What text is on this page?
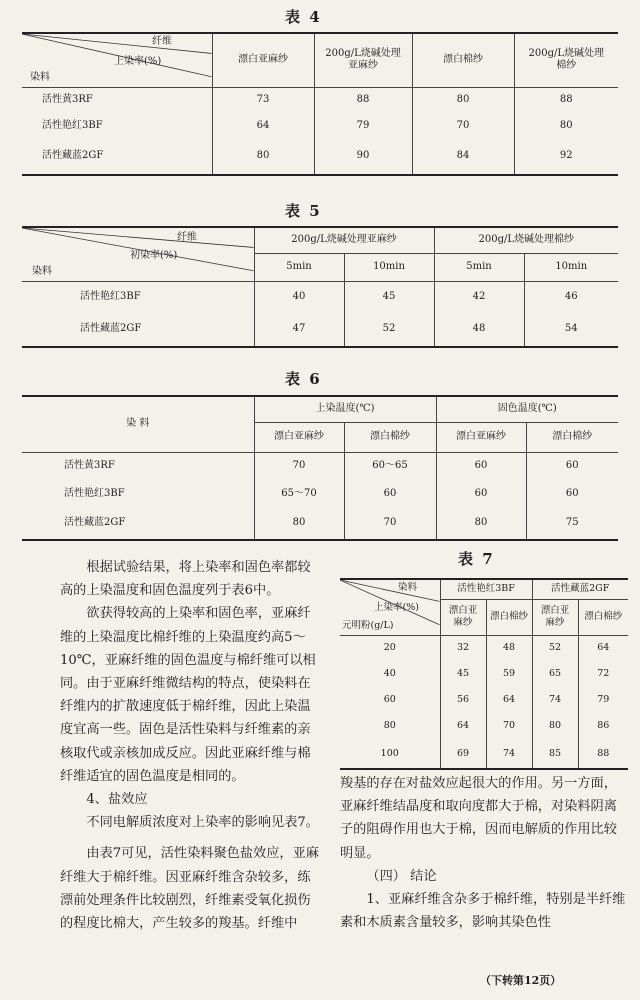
表 4
纤维
上染率(%)
染料	漂白亚麻纱	200g/L烧碱处理亚麻纱	漂白棉纱	200g/L烧碱处理棉纱
活性黄3RF	73	88	80	88
活性艳红3BF	64	79	70	80
活性藏蓝2GF	80	90	84	92
表 5
纤维
初染率(%)
染料	200g/L烧碱处理亚麻纱		200g/L烧碱处理棉纱	
	5min	10min	5min	10min
活性艳红3BF	40	45	42	46
活性藏蓝2GF	47	52	48	54
表 6
染 料	上染温度(℃)		固色温度(℃)	
	漂白亚麻纱	漂白棉纱	漂白亚麻纱	漂白棉纱
活性黄3RF	70	60～65	60	60
活性艳红3BF	65～70	60	60	60
活性藏蓝2GF	80	70	80	75

根据试验结果，将上染率和固色率都较高的上染温度和固色温度列于表6中。

欲获得较高的上染率和固色率，亚麻纤维的上染温度比棉纤维的上染温度约高5～10℃，亚麻纤维的固色温度与棉纤维可以相同。由于亚麻纤维微结构的特点，使染料在纤维内的扩散速度低于棉纤维，因此上染温度宜高一些。固色是活性染料与纤维素的亲核取代或亲核加成反应。因此亚麻纤维与棉纤维适宜的固色温度是相同的。

4、盐效应

不同电解质浓度对上染率的影响见表7。

由表7可见，活性染料聚色盐效应，亚麻纤维大于棉纤维。因亚麻纤维含杂较多，练漂前处理条件比较剧烈，纤维素受氧化损伤的程度比棉大，产生较多的羧基。纤维中

表 7
染料
上染率(%)
元明粉(g/L)	活性艳红3BF		活性藏蓝2GF	
	漂白亚麻纱	漂白棉纱	漂白亚麻纱	漂白棉纱
20	32	48	52	64
40	45	59	65	72
60	56	64	74	79
80	64	70	80	86
100	69	74	85	88

羧基的存在对盐效应起很大的作用。另一方面，亚麻纤维结晶度和取向度都大于棉，对染料阴离子的阻碍作用也大于棉，因而电解质的作用比较明显。

（四） 结论

1、亚麻纤维含杂多于棉纤维，特别是半纤维素和木质素含量较多，影响其染色性

（下转第12页）
